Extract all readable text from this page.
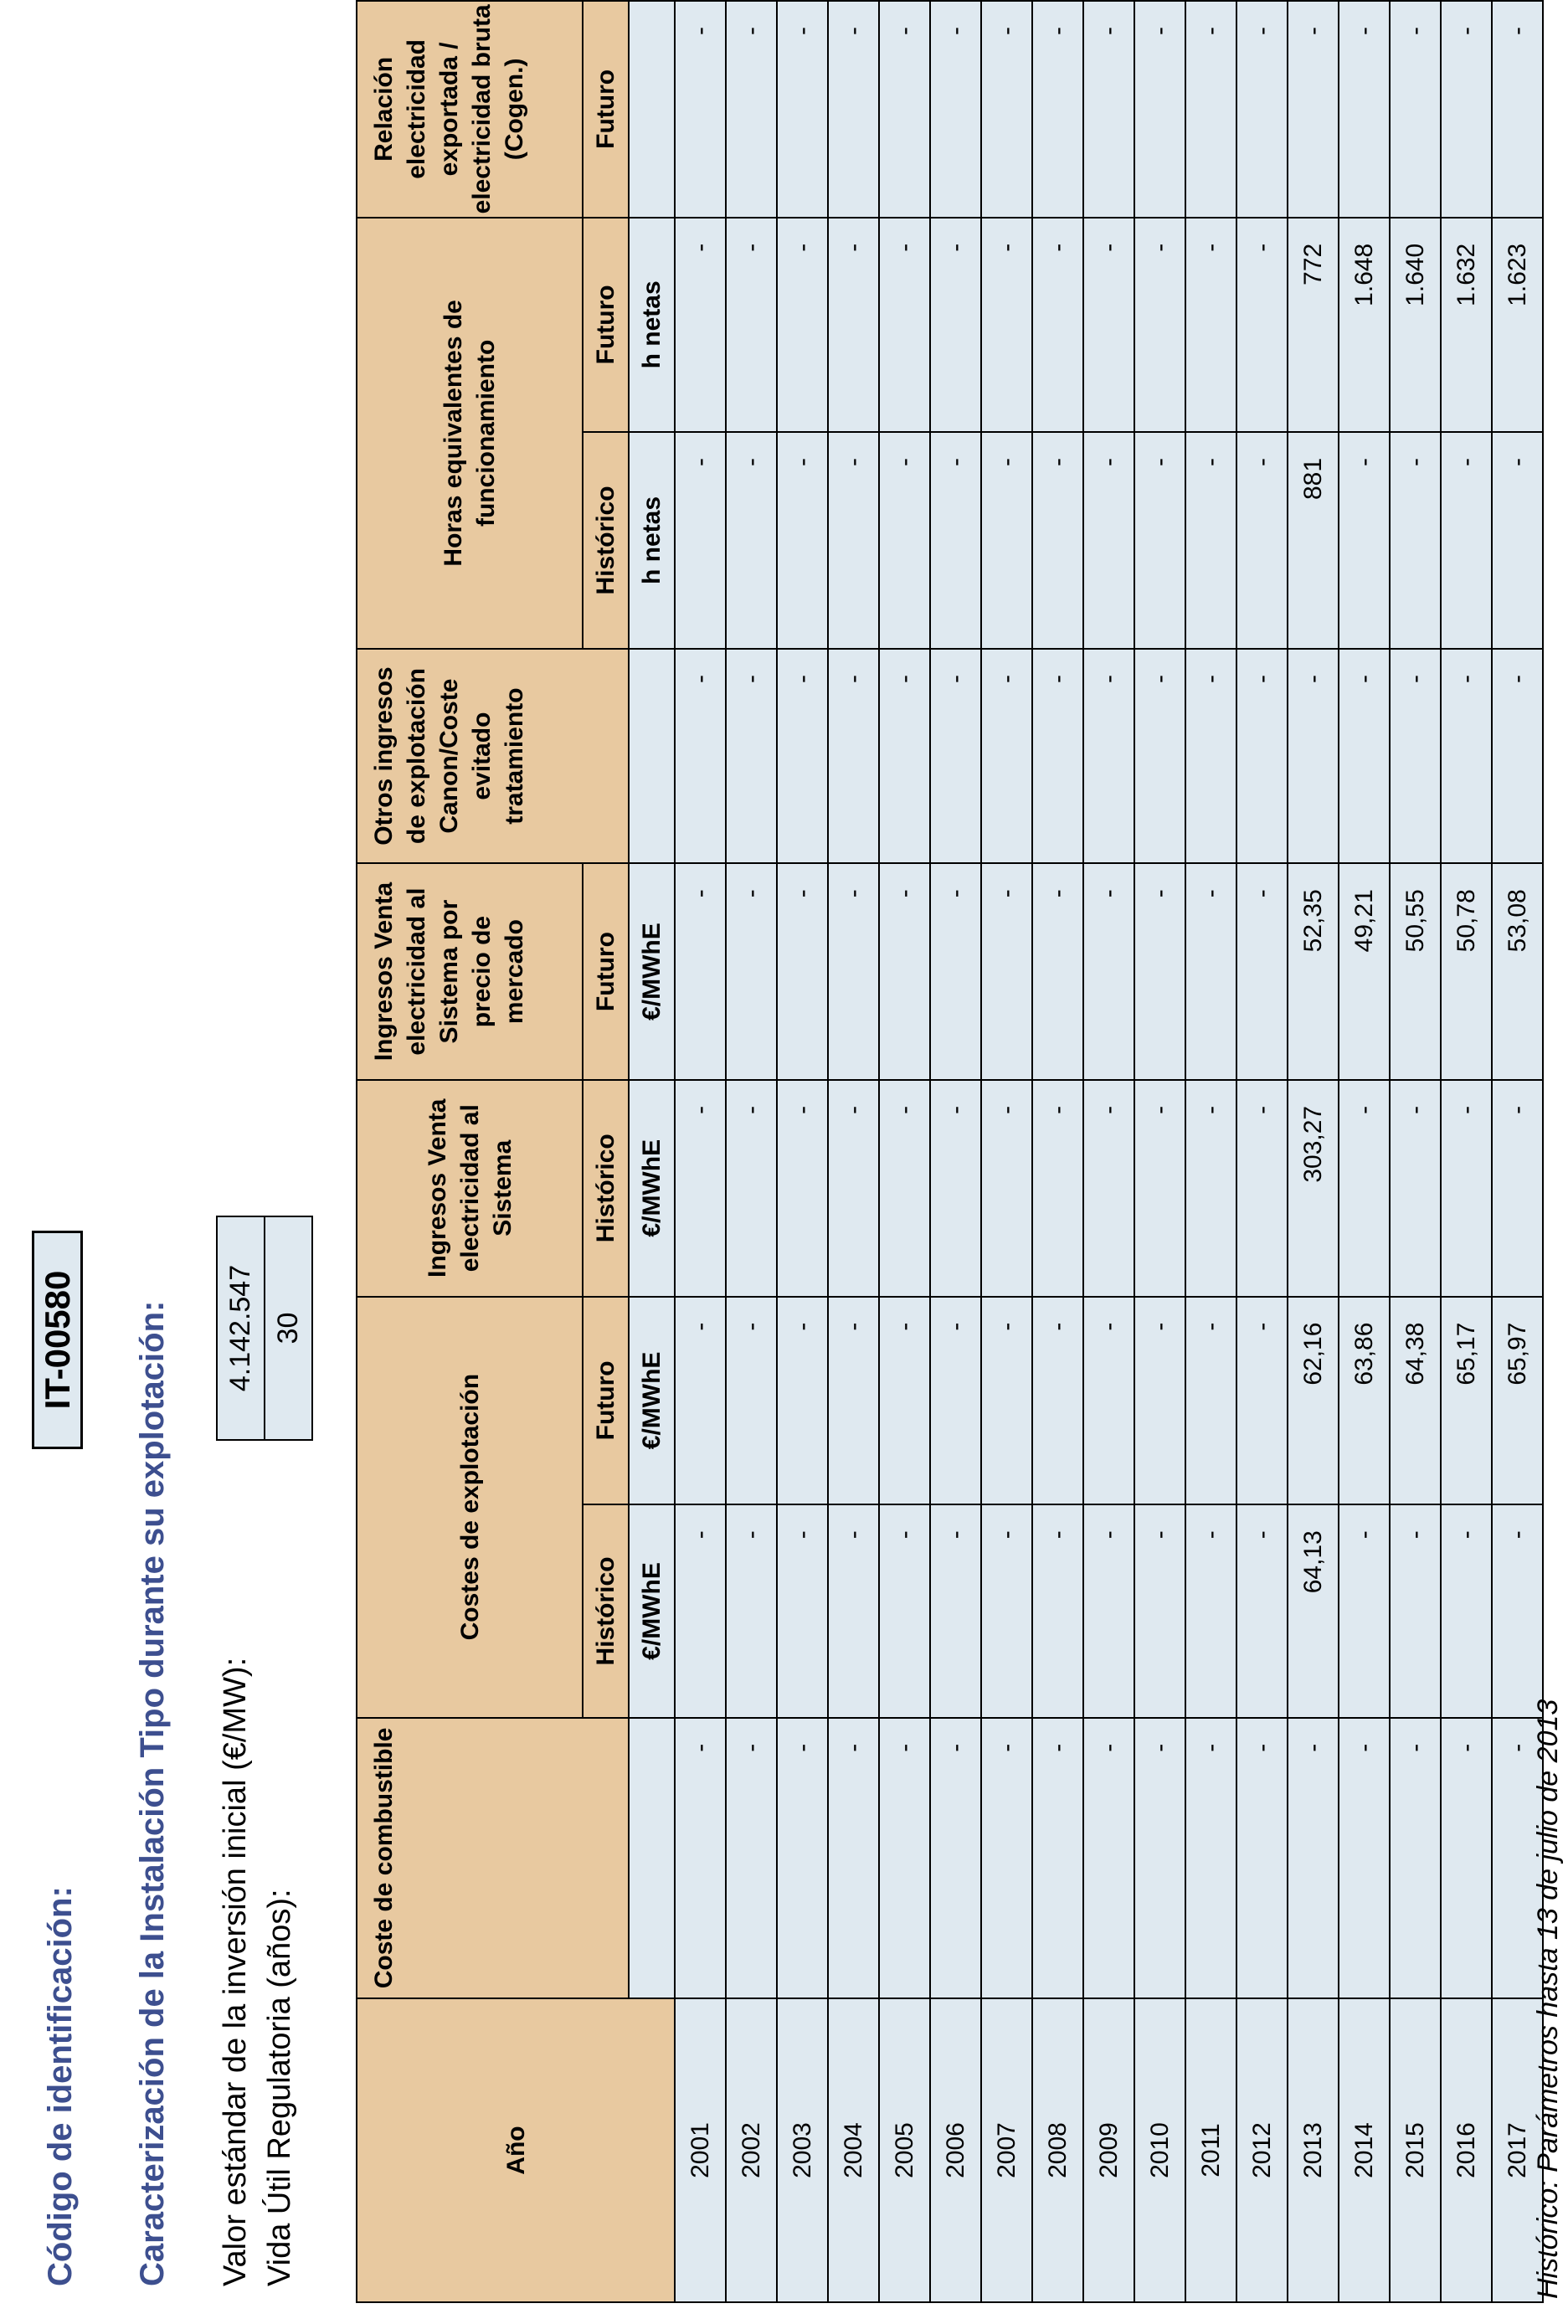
Código de identificación:
IT-00580 Caracterización de la Instalación Tipo durante su explotación: Valor estándar de la inversión inicial (€/MW): Vida Útil Regulatoria (años):
4.142.547 30
Año	Coste de combustible	Costes de explotación		Ingresos Venta electricidad al Sistema	Ingresos Venta electricidad al Sistema por precio de mercado	Otros ingresos de explotación Canon/Coste evitado tratamiento	Horas equivalentes de funcionamiento		Relación electricidad exportada / electricidad bruta (Cogen.)
		Histórico	Futuro	Histórico	Futuro		Histórico	Futuro	Futuro
		€/MWhE	€/MWhE	€/MWhE	€/MWhE		h netas	h netas	
2001	-	-	-	-	-	-	-	-	-
2002	-	-	-	-	-	-	-	-	-
2003	-	-	-	-	-	-	-	-	-
2004	-	-	-	-	-	-	-	-	-
2005	-	-	-	-	-	-	-	-	-
2006	-	-	-	-	-	-	-	-	-
2007	-	-	-	-	-	-	-	-	-
2008	-	-	-	-	-	-	-	-	-
2009	-	-	-	-	-	-	-	-	-
2010	-	-	-	-	-	-	-	-	-
2011	-	-	-	-	-	-	-	-	-
2012	-	-	-	-	-	-	-	-	-
2013	-	64,13	62,16	303,27	52,35	-	881	772	-
2014	-	-	63,86	-	49,21	-	-	1.648	-
2015	-	-	64,38	-	50,55	-	-	1.640	-
2016	-	-	65,17	-	50,78	-	-	1.632	-
2017	-	-	65,97	-	53,08	-	-	1.623	-
Histórico: Parámetros hasta 13 de julio de 2013
